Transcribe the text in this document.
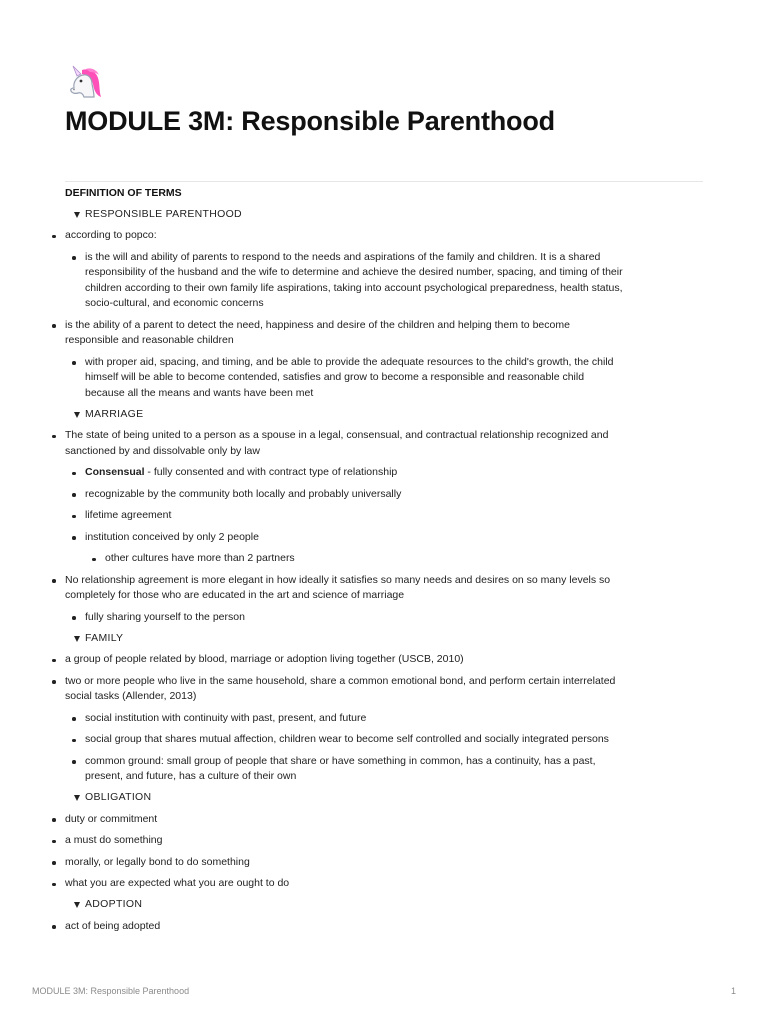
MODULE 3M: Responsible Parenthood
DEFINITION OF TERMS
RESPONSIBLE PARENTHOOD
according to popco:
is the will and ability of parents to respond to the needs and aspirations of the family and children. It is a shared responsibility of the husband and the wife to determine and achieve the desired number, spacing, and timing of their children according to their own family life aspirations, taking into account psychological preparedness, health status, socio-cultural, and economic concerns
is the ability of a parent to detect the need, happiness and desire of the children and helping them to become responsible and reasonable children
with proper aid, spacing, and timing, and be able to provide the adequate resources to the child's growth, the child himself will be able to become contended, satisfies and grow to become a responsible and reasonable child because all the means and wants have been met
MARRIAGE
The state of being united to a person as a spouse in a legal, consensual, and contractual relationship recognized and sanctioned by and dissolvable only by law
Consensual - fully consented and with contract type of relationship
recognizable by the community both locally and probably universally
lifetime agreement
institution conceived by only 2 people
other cultures have more than 2 partners
No relationship agreement is more elegant in how ideally it satisfies so many needs and desires on so many levels so completely for those who are educated in the art and science of marriage
fully sharing yourself to the person
FAMILY
a group of people related by blood, marriage or adoption living together (USCB, 2010)
two or more people who live in the same household, share a common emotional bond, and perform certain interrelated social tasks (Allender, 2013)
social institution with continuity with past, present, and future
social group that shares mutual affection, children wear to become self controlled and socially integrated persons
common ground: small group of people that share or have something in common, has a continuity, has a past, present, and future, has a culture of their own
OBLIGATION
duty or commitment
a must do something
morally, or legally bond to do something
what you are expected what you are ought to do
ADOPTION
act of being adopted
MODULE 3M: Responsible Parenthood	1
